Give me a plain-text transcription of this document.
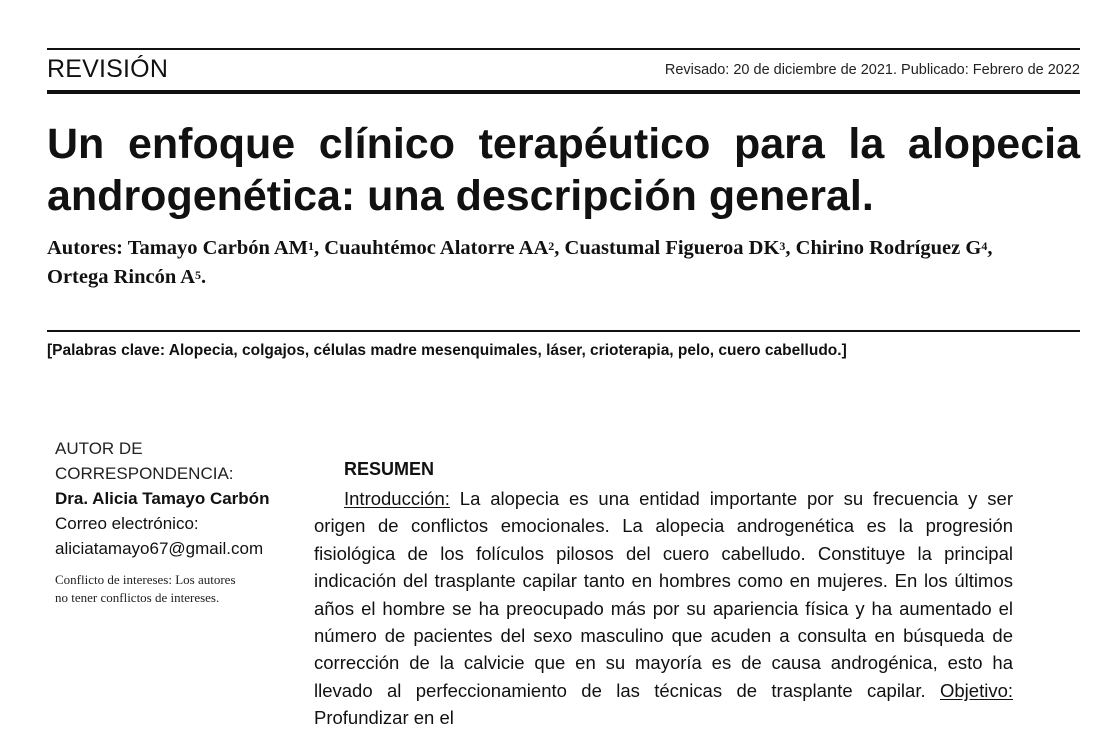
REVISIÓN	Revisado: 20 de diciembre de 2021. Publicado: Febrero de 2022
Un enfoque clínico terapéutico para la alopecia
androgenética: una descripción general.
Autores: Tamayo Carbón $AM^1$, Cuauhtémoc Alatorre $AA^2$, Cuastumal Figueroa $DK^3$, Chirino Rodríguez $G^4$, Ortega Rincón $A^5$.
[Palabras clave: Alopecia, colgajos, células madre mesenquimales, láser, crioterapia, pelo, cuero cabelludo.]
AUTOR DE CORRESPONDENCIA:
Dra. Alicia Tamayo Carbón
Correo electrónico:
aliciatamayo67@gmail.com
Conflicto de intereses: Los autores
no tener conflictos de intereses.
RESUMEN

Introducción: La alopecia es una entidad importante por su frecuencia y ser origen de conflictos emocionales. La alopecia androgenética es la progresión fisiológica de los folículos pilosos del cuero cabelludo. Constituye la principal indicación del trasplante capilar tanto en hombres como en mujeres. En los últimos años el hombre se ha preocupado más por su apariencia física y ha aumentado el número de pacientes del sexo masculino que acuden a consulta en búsqueda de corrección de la calvicie que en su mayoría es de causa androgénica, esto ha llevado al perfeccionamiento de las técnicas de trasplante capilar. Objetivo: Profundizar en el
